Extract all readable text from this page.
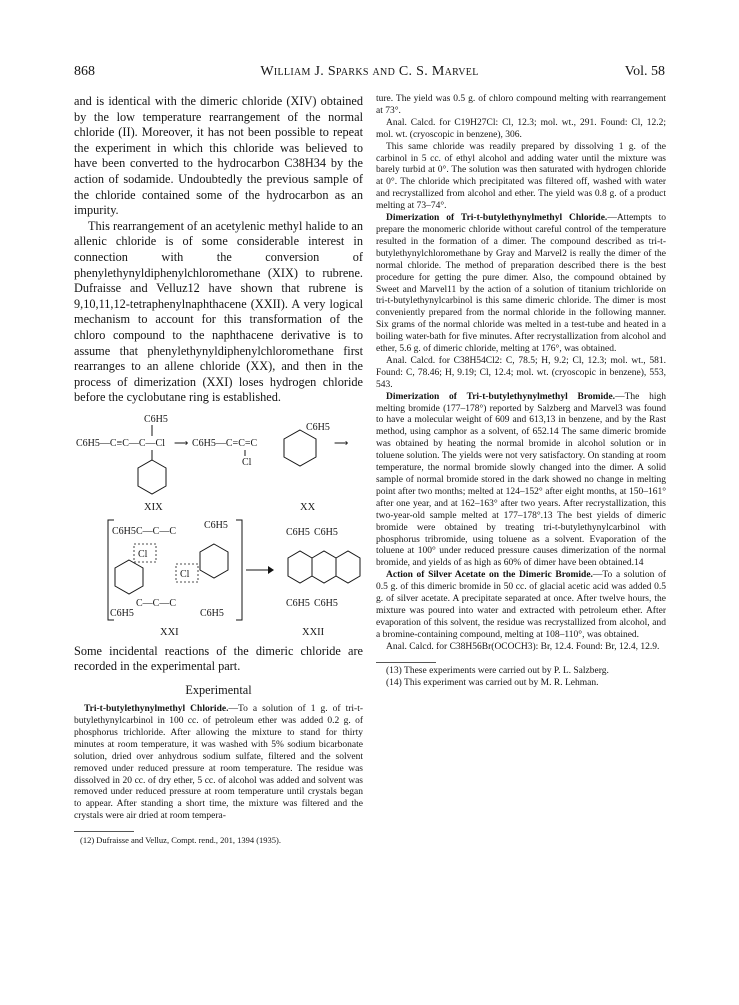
868	William J. Sparks and C. S. Marvel	Vol. 58

and is identical with the dimeric chloride (XIV) obtained by the low temperature rearrangement of the normal chloride (II). Moreover, it has not been possible to repeat the experiment in which this chloride was believed to have been converted to the hydrocarbon C38H34 by the action of sodamide. Undoubtedly the previous sample of the chloride contained some of the hydrocarbon as an impurity.

This rearrangement of an acetylenic methyl halide to an allenic chloride is of some considerable interest in connection with the conversion of phenylethynyldiphenylchloromethane (XIX) to rubrene. Dufraisse and Velluz12 have shown that rubrene is 9,10,11,12-tetraphenylnaphthacene (XXII). A very logical mechanism to account for this transformation of the chloro compound to the naphthacene derivative is to assume that phenylethynyldiphenylchloromethane first rearranges to an allene chloride (XX), and then in the process of dimerization (XXI) loses hydrogen chloride before the cyclobutane ring is established.

C6H5
C6H5—C≡C—C—Cl ⟶ C6H5—C=C=C
Cl
C6H5
⟶
XIX	XX
C6H5 C—C—C
C6H5
Cl
Cl
C—C—C
C6H5	C6H5
XXI
C6H5 C6H5
C6H5 C6H5
XXII

Some incidental reactions of the dimeric chloride are recorded in the experimental part.

Experimental

Tri-t-butylethynylmethyl Chloride.—To a solution of 1 g. of tri-t-butylethynylcarbinol in 100 cc. of petroleum ether was added 0.2 g. of phosphorus trichloride. After allowing the mixture to stand for thirty minutes at room temperature, it was washed with 5% sodium bicarbonate solution, dried over anhydrous sodium sulfate, filtered and the solvent removed under reduced pressure at room temperature. The residue was dissolved in 20 cc. of dry ether, 5 cc. of alcohol was added and solvent was removed under reduced pressure at room temperature until crystals began to appear. After standing a short time, the mixture was filtered and the crystals were air dried at room tempera-

(12) Dufraisse and Velluz, Compt. rend., 201, 1394 (1935).

ture. The yield was 0.5 g. of chloro compound melting with rearrangement at 73°.

Anal. Calcd. for C19H27Cl: Cl, 12.3; mol. wt., 291. Found: Cl, 12.2; mol. wt. (cryoscopic in benzene), 306.

This same chloride was readily prepared by dissolving 1 g. of the carbinol in 5 cc. of ethyl alcohol and adding water until the mixture was barely turbid at 0°. The solution was then saturated with hydrogen chloride at 0°. The chloride which precipitated was filtered off, washed with water and recrystallized from alcohol and ether. The yield was 0.8 g. of a product melting at 73–74°.

Dimerization of Tri-t-butylethynylmethyl Chloride.—Attempts to prepare the monomeric chloride without careful control of the temperature resulted in the formation of a dimer. The compound described as tri-t-butylethynylchloromethane by Gray and Marvel2 is really the dimer of the normal chloride. The method of preparation described there is the best procedure for getting the pure dimer. Also, the compound obtained by Sweet and Marvel11 by the action of a solution of titanium trichloride on tri-t-butylethynylcarbinol is this same dimeric chloride. The dimer is most conveniently prepared from the normal chloride in the following manner. Six grams of the normal chloride was melted in a test-tube and heated in a boiling water-bath for five minutes. After recrystallization from alcohol and ether, 5.6 g. of dimeric chloride, melting at 176°, was obtained.

Anal. Calcd. for C38H54Cl2: C, 78.5; H, 9.2; Cl, 12.3; mol. wt., 581. Found: C, 78.46; H, 9.19; Cl, 12.4; mol. wt. (cryoscopic in benzene), 553, 543.

Dimerization of Tri-t-butylethynylmethyl Bromide.—The high melting bromide (177–178°) reported by Salzberg and Marvel3 was found to have a molecular weight of 609 and 613,13 in benzene, and by the Rast method, using camphor as a solvent, of 652.14 The same dimeric bromide was obtained by heating the normal bromide in alcohol solution or in toluene solution. The yields were not very satisfactory. On standing at room temperature, the normal bromide slowly changed into the dimer. A solid sample of normal bromide stored in the dark showed no change in melting point after two months; melted at 124–152° after eight months, at 150–161° after one year, and at 162–163° after two years. After recrystallization, this two-year-old sample melted at 177–178°.13 The best yields of dimeric bromide were obtained by treating tri-t-butylethynylcarbinol with phosphorus tribromide, using toluene as a solvent. Evaporation of the toluene at 100° under reduced pressure causes dimerization of the normal bromide, and yields of as high as 60% of dimer have been obtained.14

Action of Silver Acetate on the Dimeric Bromide.—To a solution of 0.5 g. of this dimeric bromide in 50 cc. of glacial acetic acid was added 0.5 g. of silver acetate. A precipitate separated at once. After twelve hours, the mixture was poured into water and extracted with petroleum ether. After evaporation of this solvent, the residue was recrystallized from alcohol, and a bromine-containing compound, melting at 108–110°, was obtained.

Anal. Calcd. for C38H56Br(OCOCH3): Br, 12.4. Found: Br, 12.4, 12.9.

(13) These experiments were carried out by P. L. Salzberg.

(14) This experiment was carried out by M. R. Lehman.
